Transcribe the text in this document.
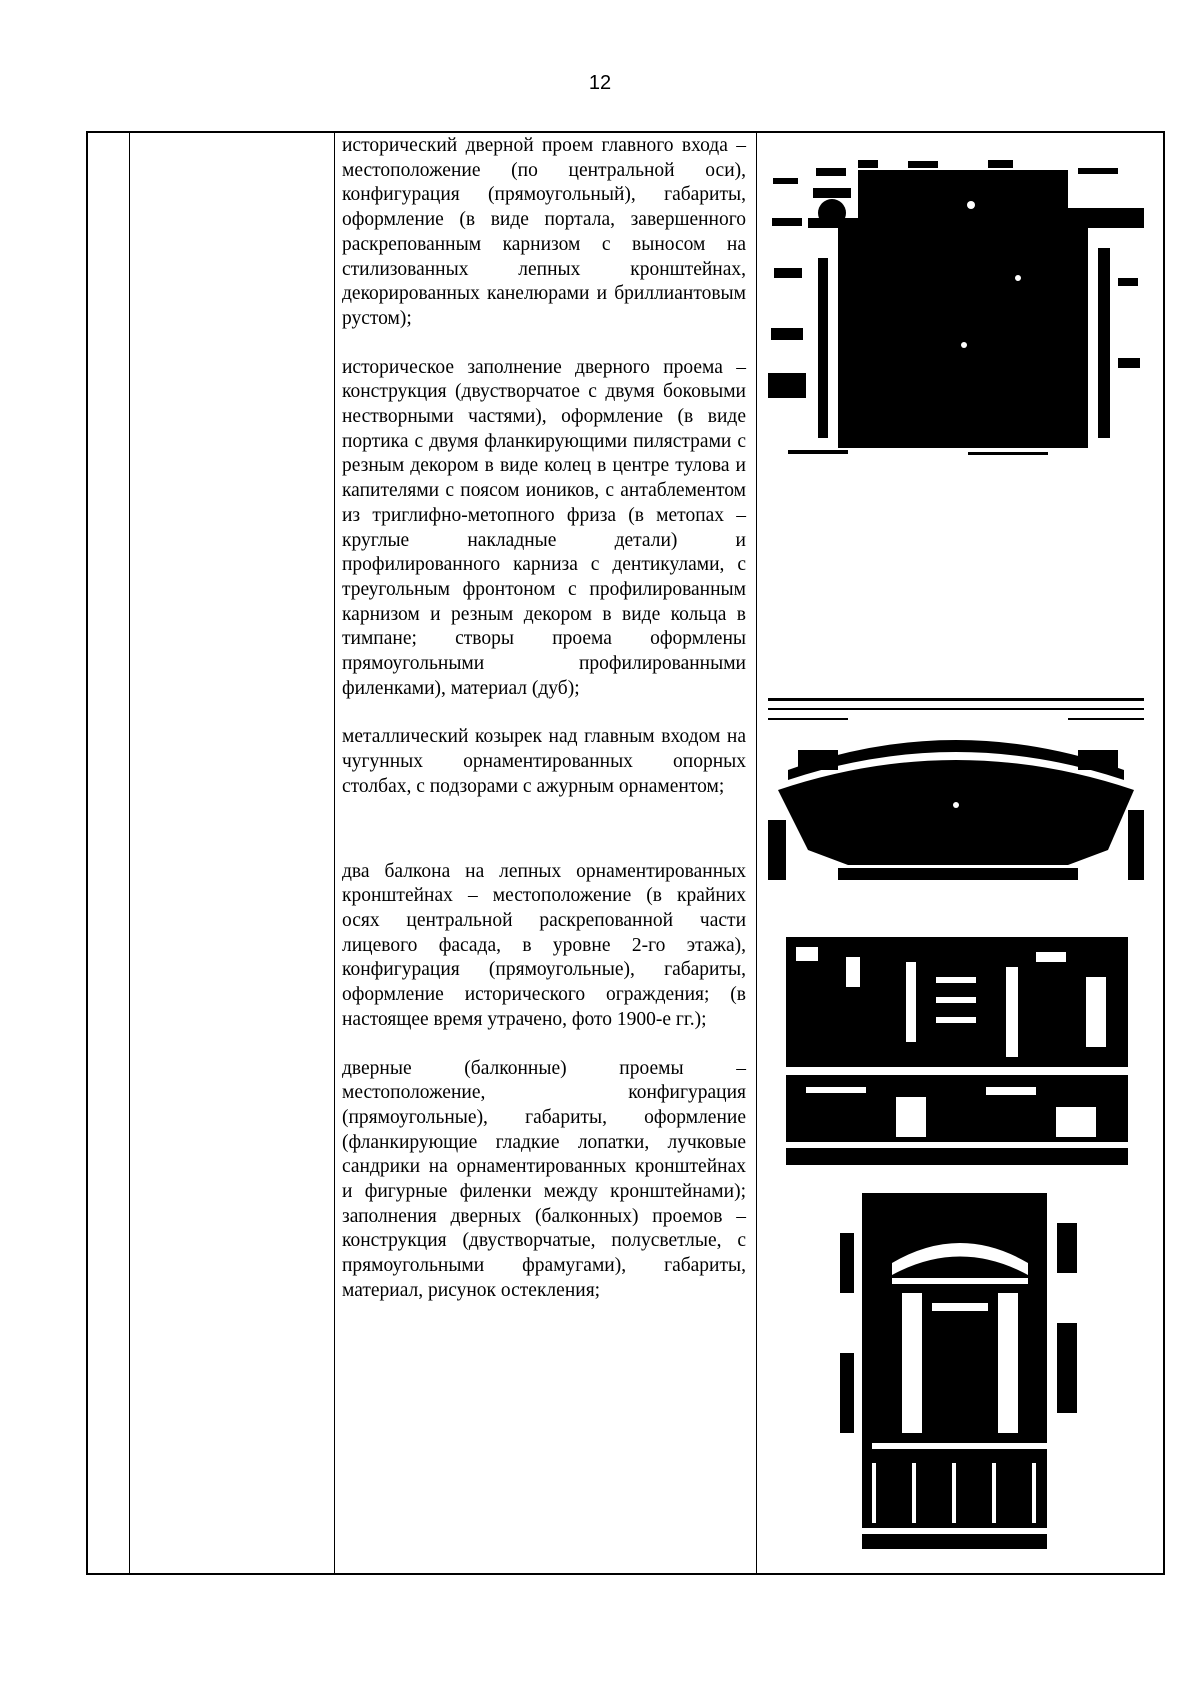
12

исторический дверной проем главного входа – местоположение (по центральной оси), конфигурация (прямоугольный), габариты, оформление (в виде портала, завершенного раскрепованным карнизом с выносом на стилизованных лепных кронштейнах, декорированных канелюрами и бриллиантовым рустом);

историческое заполнение дверного проема – конструкция (двустворчатое с двумя боковыми нестворными частями), оформление (в виде портика с двумя фланкирующими пилястрами с резным декором в виде колец в центре тулова и капителями с поясом иоников, с антаблементом из триглифно-метопного фриза (в метопах – круглые накладные детали) и профилированного карниза с дентикулами, с треугольным фронтоном с профилированным карнизом и резным декором в виде кольца в тимпане; створы проема оформлены прямоугольными профилированными филенками), материал (дуб);

металлический козырек над главным входом на чугунных орнаментированных опорных столбах, с подзорами с ажурным орнаментом;

два балкона на лепных орнаментированных кронштейнах – местоположение (в крайних осях центральной раскрепованной части лицевого фасада, в уровне 2-го этажа), конфигурация (прямоугольные), габариты, оформление исторического ограждения; (в настоящее время утрачено, фото 1900-е гг.);

дверные (балконные) проемы – местоположение, конфигурация (прямоугольные), габариты, оформление (фланкирующие гладкие лопатки, лучковые сандрики на орнаментированных кронштейнах и фигурные филенки между кронштейнами); заполнения дверных (балконных) проемов – конструкция (двустворчатые, полусветлые, с прямоугольными фрамугами), габариты, материал, рисунок остекления;
